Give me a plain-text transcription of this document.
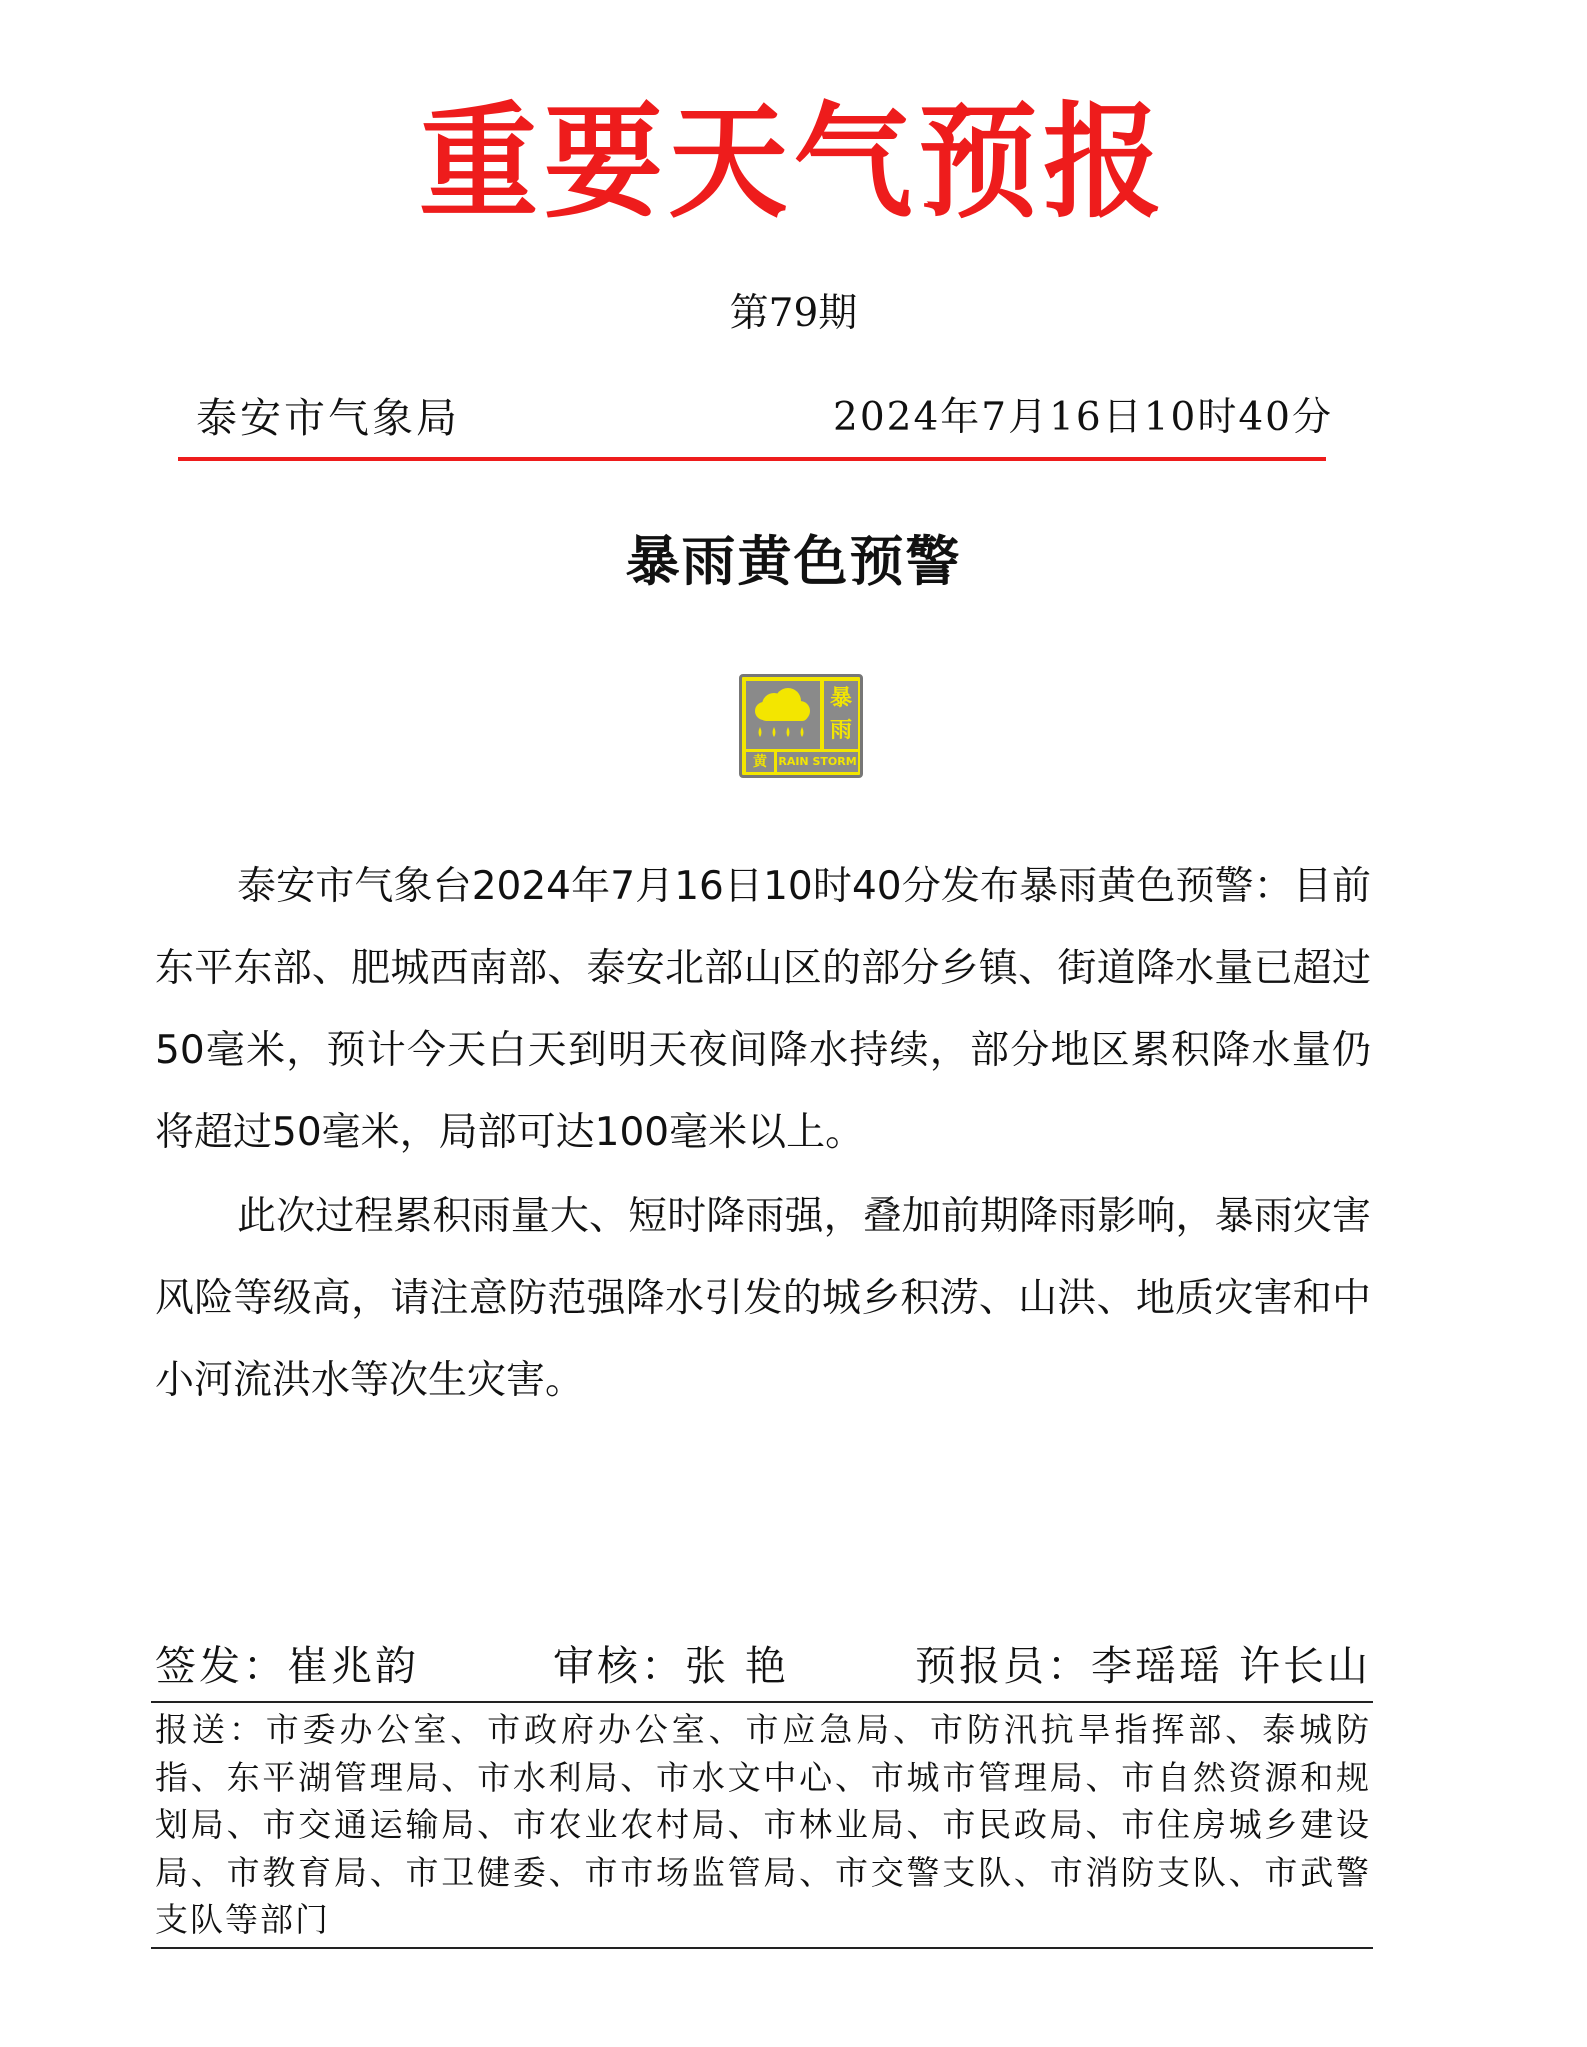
重要天气预报
第79期
泰安市气象局	2024年7月16日10时40分
暴雨黄色预警
暴
雨
黄	RAIN STORM

泰安市气象台2024年7月16日10时40分发布暴雨黄色预警：目前东平东部、肥城西南部、泰安北部山区的部分乡镇、街道降水量已超过50毫米，预计今天白天到明天夜间降水持续，部分地区累积降水量仍将超过50毫米，局部可达100毫米以上。

此次过程累积雨量大、短时降雨强，叠加前期降雨影响，暴雨灾害风险等级高，请注意防范强降水引发的城乡积涝、山洪、地质灾害和中小河流洪水等次生灾害。

签发：崔兆韵	审核：张 艳	预报员：李瑶瑶 许长山

报送：市委办公室、市政府办公室、市应急局、市防汛抗旱指挥部、泰城防指、东平湖管理局、市水利局、市水文中心、市城市管理局、市自然资源和规划局、市交通运输局、市农业农村局、市林业局、市民政局、市住房城乡建设局、市教育局、市卫健委、市市场监管局、市交警支队、市消防支队、市武警支队等部门
